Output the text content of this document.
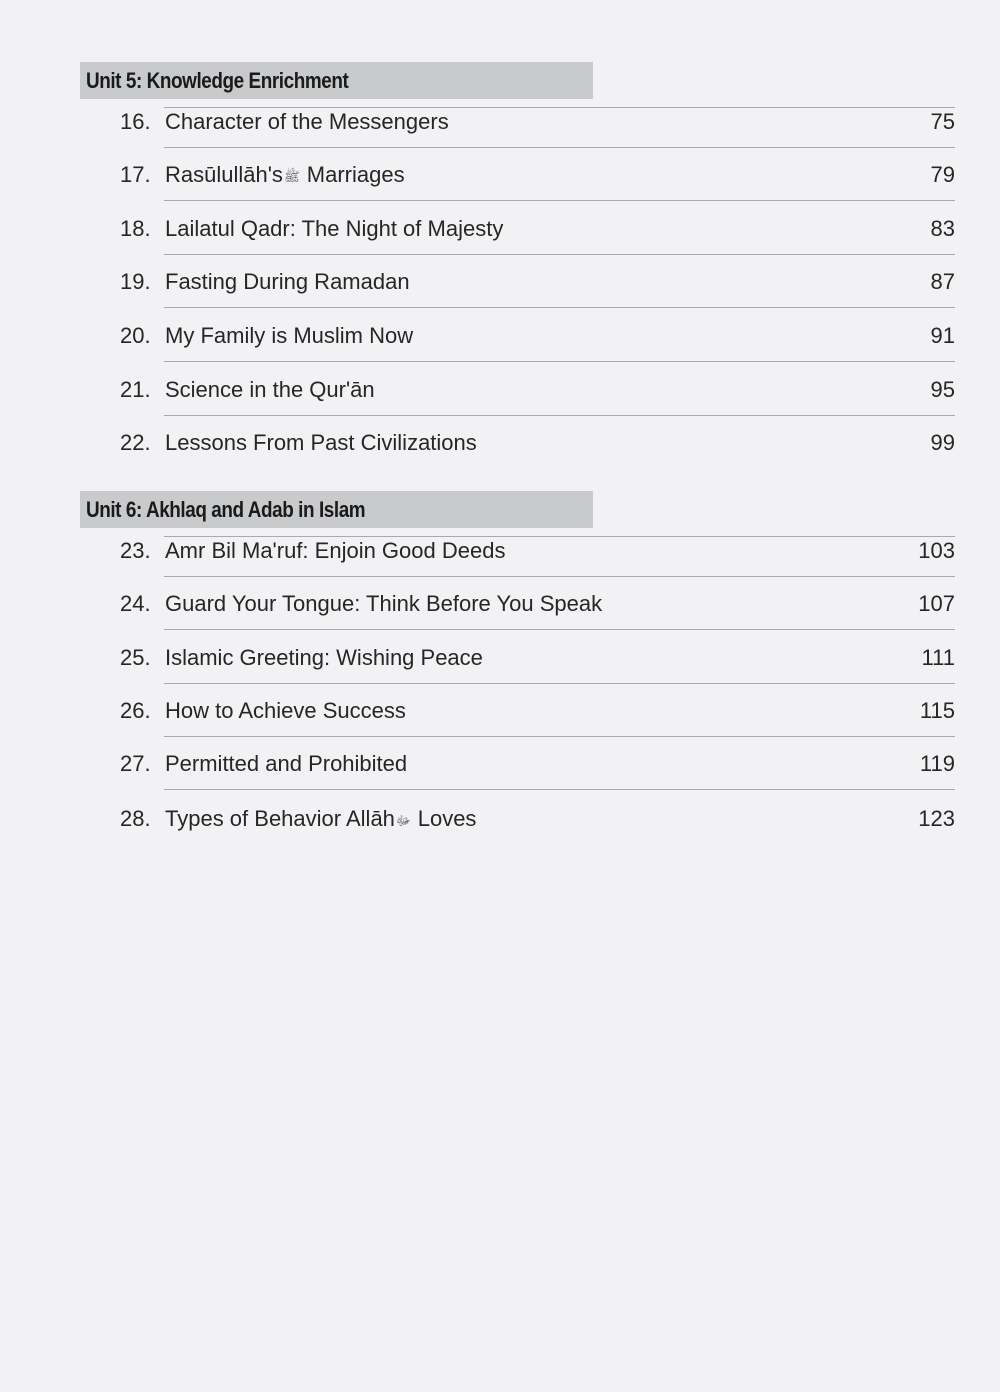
Unit 5: Knowledge Enrichment
16. Character of the Messengers	75
17. Rasūlullāh'sﷺ Marriages	79
18. Lailatul Qadr: The Night of Majesty	83
19. Fasting During Ramadan	87
20. My Family is Muslim Now	91
21. Science in the Qur'ān	95
22. Lessons From Past Civilizations	99
Unit 6: Akhlaq and Adab in Islam
23. Amr Bil Ma'ruf: Enjoin Good Deeds	103
24. Guard Your Tongue: Think Before You Speak	107
25. Islamic Greeting: Wishing Peace	111
26. How to Achieve Success	115
27. Permitted and Prohibited	119
28. Types of Behavior Allāhﷻ Loves	123
